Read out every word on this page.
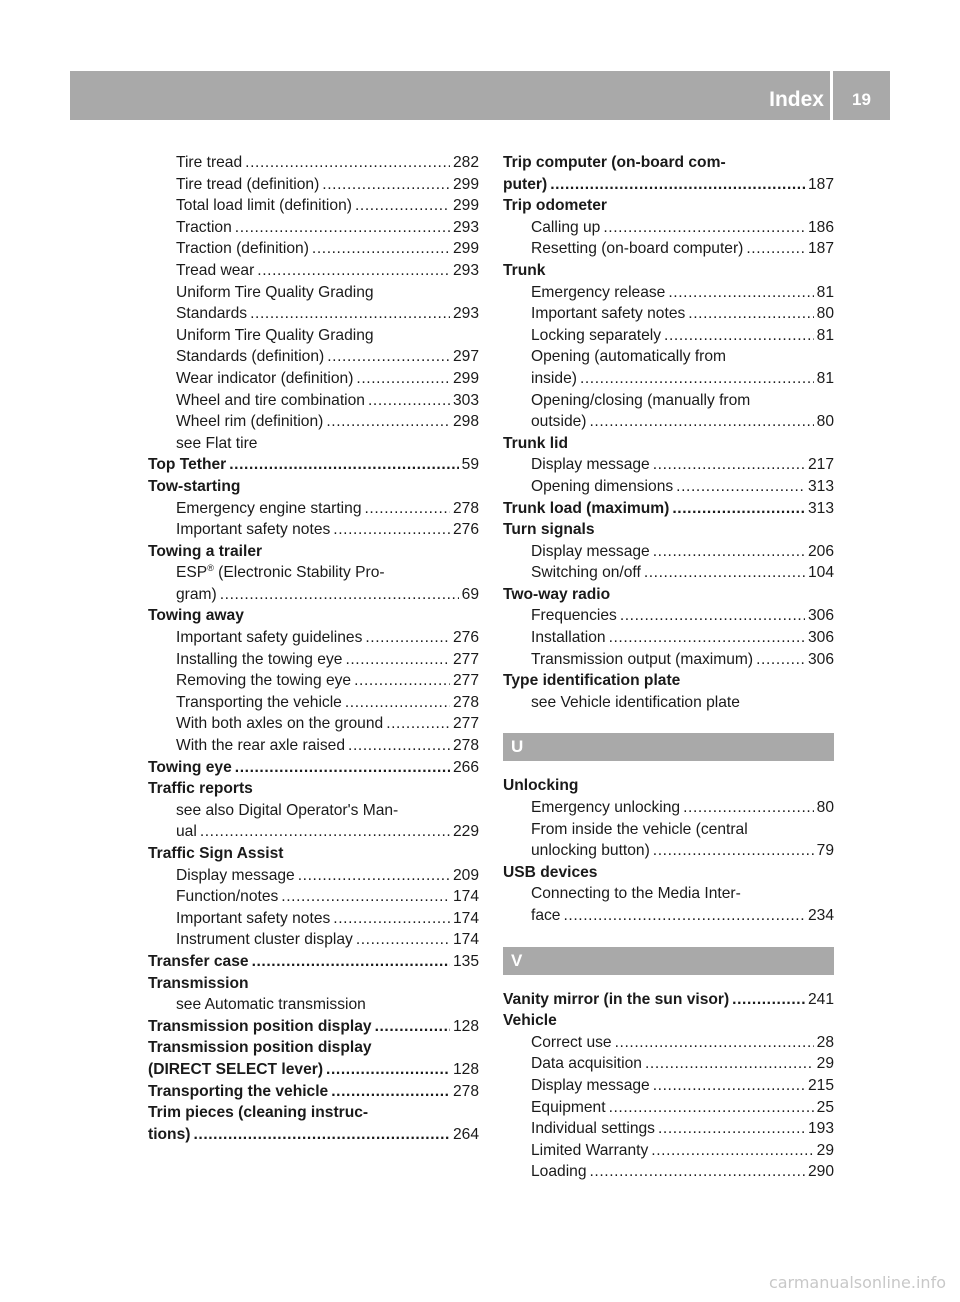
Index	19
Tire tread .....	282
Tire tread (definition) .....	299
Total load limit (definition) .....	299
Traction .....	293
Traction (definition) .....	299
Tread wear .....	293
Uniform Tire Quality Grading
Standards .....	293
Uniform Tire Quality Grading
Standards (definition) .....	297
Wear indicator (definition) .....	299
Wheel and tire combination .....	303
Wheel rim (definition) .....	298
see Flat tire
Top Tether .....	59
Tow-starting
Emergency engine starting .....	278
Important safety notes .....	276
Towing a trailer
ESP® (Electronic Stability Pro-
gram) .....	69
Towing away
Important safety guidelines .....	276
Installing the towing eye .....	277
Removing the towing eye .....	277
Transporting the vehicle .....	278
With both axles on the ground .....	277
With the rear axle raised .....	278
Towing eye .....	266
Traffic reports
see also Digital Operator's Man-
ual .....	229
Traffic Sign Assist
Display message .....	209
Function/notes .....	174
Important safety notes .....	174
Instrument cluster display .....	174
Transfer case .....	135
Transmission
see Automatic transmission
Transmission position display .....	128
Transmission position display
(DIRECT SELECT lever) .....	128
Transporting the vehicle .....	278
Trim pieces (cleaning instruc-
tions) .....	264
Trip computer (on-board com-
puter) .....	187
Trip odometer
Calling up .....	186
Resetting (on-board computer) .....	187
Trunk
Emergency release .....	81
Important safety notes .....	80
Locking separately .....	81
Opening (automatically from
inside) .....	81
Opening/closing (manually from
outside) .....	80
Trunk lid
Display message .....	217
Opening dimensions .....	313
Trunk load (maximum) .....	313
Turn signals
Display message .....	206
Switching on/off .....	104
Two-way radio
Frequencies .....	306
Installation .....	306
Transmission output (maximum) .....	306
Type identification plate
see Vehicle identification plate
U
Unlocking
Emergency unlocking .....	80
From inside the vehicle (central
unlocking button) .....	79
USB devices
Connecting to the Media Inter-
face .....	234
V
Vanity mirror (in the sun visor) .....	241
Vehicle
Correct use .....	28
Data acquisition .....	29
Display message .....	215
Equipment .....	25
Individual settings .....	193
Limited Warranty .....	29
Loading .....	290
carmanualsonline.info
